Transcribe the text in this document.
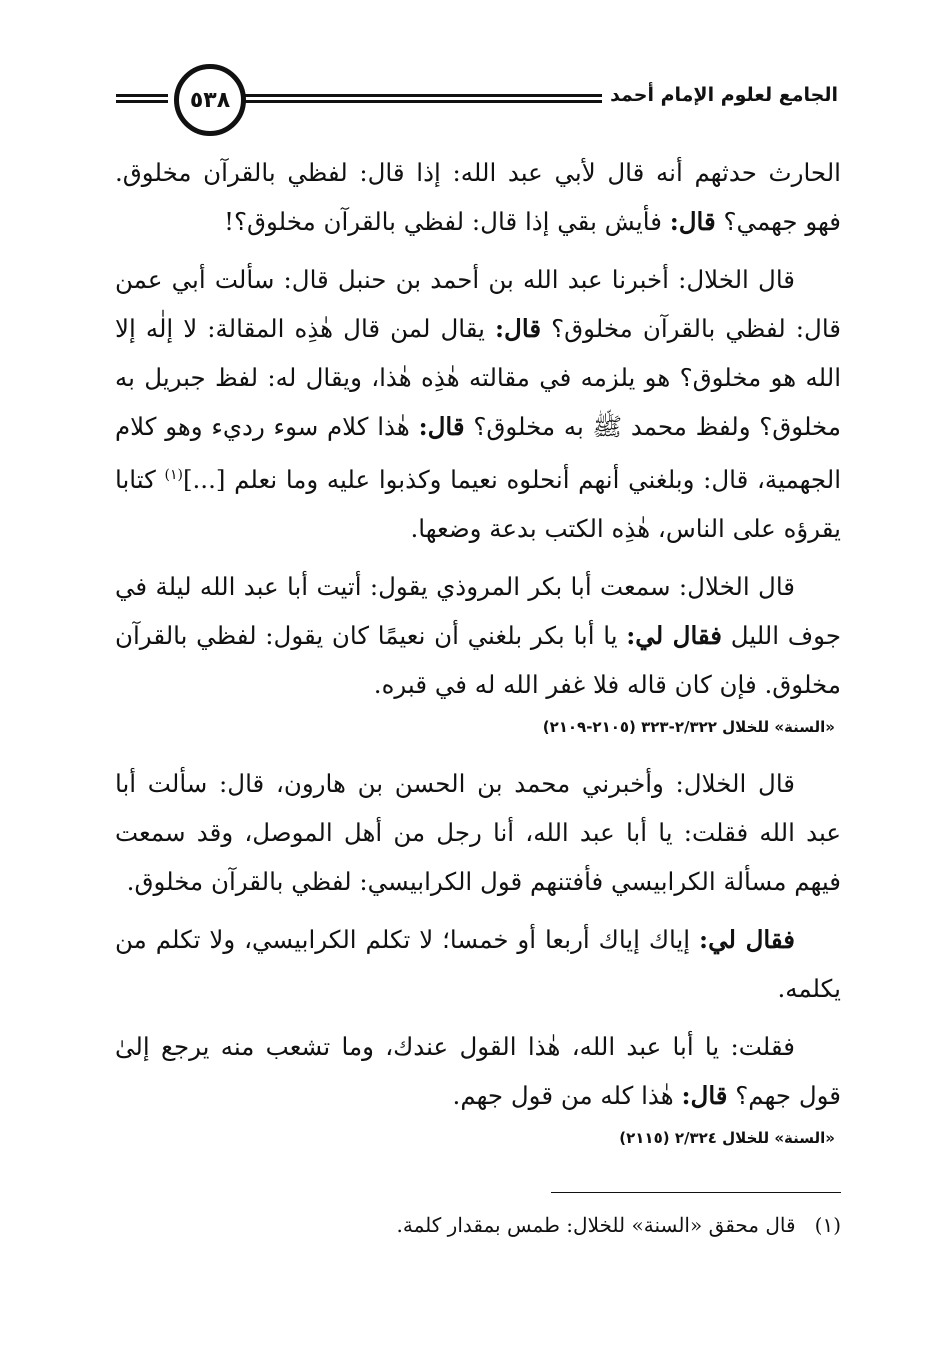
الجامع لعلوم الإمام أحمد
٥٣٨

الحارث حدثهم أنه قال لأبي عبد الله: إذا قال: لفظي بالقرآن مخلوق. فهو جهمي؟ قال: فأيش بقي إذا قال: لفظي بالقرآن مخلوق؟!

قال الخلال: أخبرنا عبد الله بن أحمد بن حنبل قال: سألت أبي عمن قال: لفظي بالقرآن مخلوق؟ قال: يقال لمن قال هٰذِه المقالة: لا إلٰه إلا الله هو مخلوق؟ هو يلزمه في مقالته هٰذِه هٰذا، ويقال له: لفظ جبريل به مخلوق؟ ولفظ محمد ﷺ به مخلوق؟ قال: هٰذا كلام سوء رديء وهو كلام الجهمية، قال: وبلغني أنهم أنحلوه نعيما وكذبوا عليه وما نعلم [...]$^{(١)}$ كتابا يقرؤه على الناس، هٰذِه الكتب بدعة وضعها.

قال الخلال: سمعت أبا بكر المروذي يقول: أتيت أبا عبد الله ليلة في جوف الليل فقال لي: يا أبا بكر بلغني أن نعيمًا كان يقول: لفظي بالقرآن مخلوق. فإن كان قاله فلا غفر الله له في قبره.

«السنة» للخلال ٢/٣٢٢-٣٢٣ (٢١٠٥-٢١٠٩)

قال الخلال: وأخبرني محمد بن الحسن بن هارون، قال: سألت أبا عبد الله فقلت: يا أبا عبد الله، أنا رجل من أهل الموصل، وقد سمعت فيهم مسألة الكرابيسي فأفتنهم قول الكرابيسي: لفظي بالقرآن مخلوق.

فقال لي: إياك إياك أربعا أو خمسا؛ لا تكلم الكرابيسي، ولا تكلم من يكلمه.

فقلت: يا أبا عبد الله، هٰذا القول عندك، وما تشعب منه يرجع إلىٰ قول جهم؟ قال: هٰذا كله من قول جهم.

«السنة» للخلال ٢/٣٢٤ (٢١١٥)
(١)   قال محقق «السنة» للخلال: طمس بمقدار كلمة.
